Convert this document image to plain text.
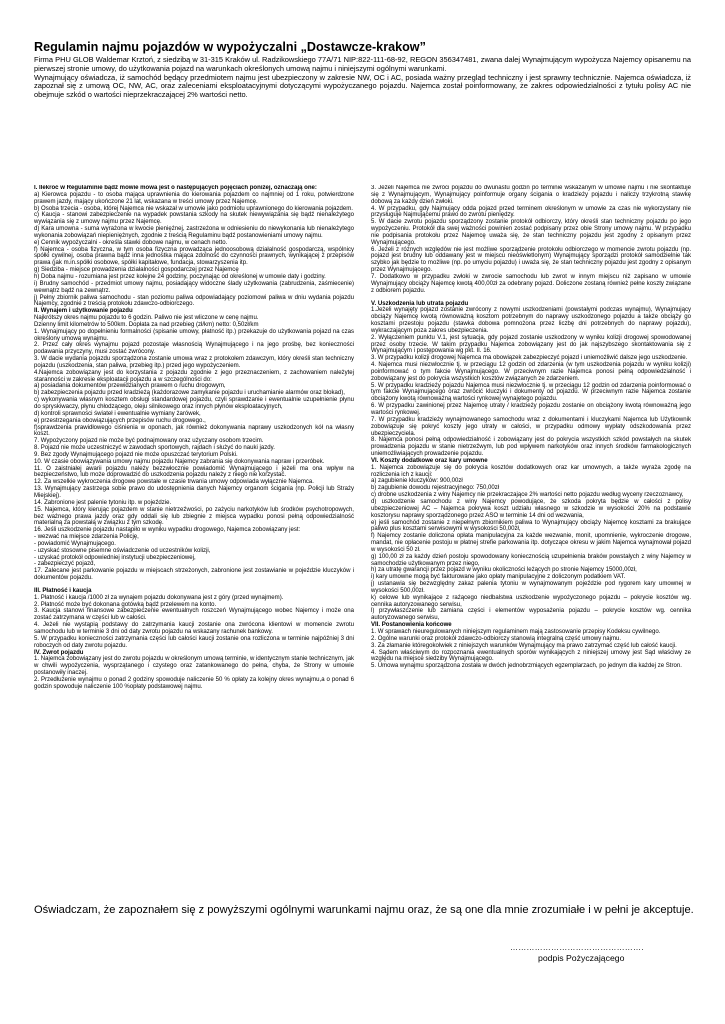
Regulamin najmu pojazdów w wypożyczalni „Dostawcze-krakow”

Firma PHU GLOB Waldemar Krztoń, z siedzibą w 31-315 Kraków ul. Radzikowskiego 77A/71 NIP:822-111-68-92, REGON 356347481, zwana dalej Wynajmującym wypożycza Najemcy opisanemu na pierwszej stronie umowy, do użytkowania pojazd na warunkach określonych umową najmu i niniejszymi ogólnymi warunkami.

Wynajmujący oświadcza, iż samochód będący przedmiotem najmu jest ubezpieczony w zakresie NW, OC i AC, posiada ważny przegląd techniczny i jest sprawny technicznie. Najemca oświadcza, iż zapoznał się z umową OC, NW, AC, oraz zaleceniami eksploatacyjnymi dotyczącymi wypożyczanego pojazdu. Najemca został poinformowany, że zakres odpowiedzialności z tytułu polisy AC nie obejmuje szkód o wartości nieprzekraczającej 2% wartości netto.

I. Ilekroć w Regulaminie bądź mowie mowa jest o następujących pojęciach poniżej, oznaczają one:

a) Kierowca pojazdu - to osoba mająca uprawnienia do kierowania pojazdem co najmniej od 1 roku, potwierdzone prawem jazdy, mający ukończone 21 lat, wskazana w treści umowy przez Najemcę.

b) Osoba trzecia - osoba, której Najemca nie wskazał w umowie jako podmiotu uprawnionego do kierowania pojazdem.

c) Kaucja - stanowi zabezpieczenie na wypadek powstania szkody na skutek niewywiązania się bądź nienależytego wywiązania się z umowy najmu przez Najemcę.

d) Kara umowna - suma wyrażona w kwocie pieniężnej, zastrzeżona w odniesieniu do niewykonania lub nienależytego wykonania zobowiązań niepieniężnych, zgodnie z treścią Regulaminu bądź postanowieniami umowy najmu.

e) Cennik wypożyczalni - określa stawki dobowe najmu, w cenach netto.

f) Najemca - osoba fizyczna, w tym osoba fizyczna prowadząca jednoosobową działalność gospodarczą, wspólnicy spółki cywilnej, osoba prawna bądź inna jednostka mająca zdolność do czynności prawnych, wynikającej z przepisów prawa (jak m.in.spółki osobowe, spółki kapitałowe, fundacja, stowarzyszenia itp.

g) Siedziba - miejsce prowadzenia działalności gospodarczej przez Najemcę

h) Doba najmu - rozumiana jest przez kolejne 24 godziny, poczynając od określonej w umowie daty i godziny.

i) Brudny samochód - przedmiot umowy najmu, posiadający widoczne ślady użytkowania (zabrudzenia, zaśmiecenie) wewnątrz bądź na zewnątrz.

j) Pełny zbiornik paliwa samochodu - stan poziomu paliwa odpowiadający poziomowi paliwa w dniu wydania pojazdu Najemcy, zgodnie z treścią protokołu zdawczo-odbiorczego.

II. Wynajem i użytkowanie pojazdu

Najkrótszy okres najmu pojazdu to 6 godzin. Paliwo nie jest wliczone w cenę najmu.

Dzienny limit kilometrów to 500km. Dopłata za nad przebieg (zł/km) netto: 0,50zł/km

1. Wynajmujący po dopełnieniu formalności (spisanie umowy, płatność itp.) przekazuje do użytkowania pojazd na czas określony umową wynajmu.

2. Przez cały okres wynajmu pojazd pozostaje własnością Wynajmującego i na jego prośbę, bez konieczności podawania przyczyny, musi zostać zwrócony.

3. W dacie wydania pojazdu sporządzona zostanie umowa wraz z protokołem zdawczym, który określi stan techniczny pojazdu (uszkodzenia, stan paliwa, przebieg itp.) przed jego wypożyczeniem.

4.Najemca zobowiązany jest do korzystania z pojazdu zgodnie z jego przeznaczeniem, z zachowaniem należytej staranności w zakresie eksploatacji pojazdu a w szczególności do:

a) posiadania dokumentów przewidzianych prawem o ruchu drogowym,

b) zabezpieczenia pojazdu przed kradzieżą (każdorazowe zamykanie pojazdu i uruchamianie alarmów oraz blokad),

c) wykonywania własnym kosztem obsługi standardowej pojazdu, czyli sprawdzanie i ewentualnie uzupełnienie płynu do spryskiwaczy, płynu chłodzącego, oleju silnikowego oraz innych płynów eksploatacyjnych,

d) kontroli sprawności świateł i ewentualnie wymiany żarówek,

e) przestrzegania obowiązujących przepisów ruchu drogowego.,

f)sprawdzenia prawidłowego ciśnienia w oponach, jak również dokonywania naprawy uszkodzonych kół na własny koszt.

7. Wypożyczony pojazd nie może być podnajmowany oraz użyczany osobom trzecim.

8. Pojazd nie może uczestniczyć w zawodach sportowych, rajdach i służyć do nauki jazdy.

9. Bez zgody Wynajmującego pojazd nie może opuszczać terytorium Polski.

10. W czasie obowiązywania umowy najmu pojazdu Najemcy zabrania się dokonywania napraw i przeróbek.

11. O zaistniałej awarii pojazdu należy bezzwłocznie powiadomić Wynajmującego i jeżeli ma ona wpływ na bezpieczeństwo, lub może doprowadzić do uszkodzenia pojazdu należy z niego nie korzystać.

12. Za wszelkie wykroczenia drogowe powstałe w czasie trwania umowy odpowiada wyłącznie Najemca.

13. Wynajmujący zastrzega sobie prawo do udostępnienia danych Najemcy organom ścigania (np. Policji lub Straży Miejskiej).

14. Zabronione jest palenie tytoniu itp. w pojeździe.

15. Najemca, który kierując pojazdem w stanie nietrzeźwości, po zażyciu narkotyków lub środków psychotropowych, bez ważnego prawa jazdy oraz gdy oddali się lub zbiegnie z miejsca wypadku ponosi pełną odpowiedzialność materialną za powstałą w związku z tym szkodę.

16. Jeśli uszkodzenie pojazdu nastąpiło w wyniku wypadku drogowego, Najemca zobowiązany jest:

- wezwać na miejsce zdarzenia Policję,

- powiadomić Wynajmującego.

- uzyskać stosowne pisemne oświadczenie od uczestników kolizji,

- uzyskać protokół odpowiedniej instytucji ubezpieczeniowej,

- zabezpieczyć pojazd,

17. Zalecane jest parkowanie pojazdu w miejscach strzeżonych, zabronione jest zostawianie w pojeździe kluczyków i dokumentów pojazdu.

III. Płatność i kaucja

1. Płatność i kaucja /1000 zł za wynajem pojazdu dokonywana jest z góry (przed wynajmem).

2. Płatność może być dokonana gotówką bądź przelewem na konto.

3. Kaucja stanowi finansowe zabezpieczenie ewentualnych roszczeń Wynajmującego wobec Najemcy i może ona zostać zatrzymana w części lub w całości.

4. Jeżeli nie wystąpią podstawy do zatrzymania kaucji zostanie ona zwrócona klientowi w momencie zwrotu samochodu lub w terminie 3 dni od daty zwrotu pojazdu na wskazany rachunek bankowy.

5. W przypadku konieczności zatrzymania części lub całości kaucji zostanie ona rozliczona w terminie najpóźniej 3 dni roboczych od daty zwrotu pojazdu.

IV. Zwrot pojazdu

1. Najemca zobowiązany jest do zwrotu pojazdu w określonym umową terminie, w identycznym stanie technicznym, jak w chwili wypożyczenia, wysprzątanego i czystego oraz zatankowanego do pełna, chyba, że Strony w umowie postanowiły inaczej.

2. Przedłużenie wynajmu o ponad 2 godziny spowoduje naliczenie 50 % opłaty za kolejny okres wynajmu,a o ponad 6 godzin spowoduje naliczenie 100 %opłaty podstawowej najmu.

3. Jeżeli Najemca nie zwróci pojazdu do dwunastu godzin po terminie wskazanym w umowie najmu i nie skontaktuje się z Wynajmującym, Wynajmujący poinformuje organy ścigania o kradzieży pojazdu i naliczy trzykrotną stawkę dobową za każdy dzień zwłoki.

4. W przypadku, gdy Najmujący odda pojazd przed terminem określonym w umowie za czas nie wykorzystany nie przysługuje Najmującemu prawo do zwrotu pieniędzy.

5. W dacie zwrotu pojazdu sporządzony zostanie protokół odbiorczy, który określi stan techniczny pojazdu po jego wypożyczeniu. Protokół dla swej ważności powinien zostać podpisany przez obie Strony umowy najmu. W przypadku nie podpisania protokołu przez Najemcę uważa się, że stan techniczny pojazdu jest zgodny z opisanym przez Wynajmującego.

6. Jeżeli z różnych względów nie jest możliwe sporządzenie protokołu odbiorczego w momencie zwrotu pojazdu (np. pojazd jest brudny lub oddawany jest w miejscu nieoświetlonym) Wynajmujący sporządzi protokół samodzielnie tak szybko jak będzie to możliwe (np. po umyciu pojazdu) i uważa się, że stan techniczny pojazdu jest zgodny z opisanym przez Wynajmującego.

7. Dodatkowo w przypadku zwłoki w zwrocie samochodu lub zwrot w innym miejscu niż zapisano w umowie Wynajmujący obciąży Najemcę kwotą 400,00zł za odebrany pojazd. Doliczone zostaną również pełne koszty związane z odbiorem pojazdu.

V. Uszkodzenia lub utrata pojazdu

1.Jeżeli wynajęty pojazd zostanie zwrócony z nowymi uszkodzeniami (powstałymi podczas wynajmu), Wynajmujący obciąży Najemcę kwotą równoważną kosztom potrzebnym do naprawy uszkodzonego pojazdu a także obciąży go kosztami przestoju pojazdu (stawka dobowa pomnożona przez liczbę dni potrzebnych do naprawy pojazdu), wykraczającym poza zakres ubezpieczenia.

2. Wyłączeniem punktu V.1, jest sytuacja, gdy pojazd zostanie uszkodzony w wyniku kolizji drogowej spowodowanej przez osoby trzecie. W takim przypadku Najemca zobowiązany jest do jak najszybszego skontaktowania się z Wynajmującym i postępowania wg pkt. II. 16.

3. W przypadku kolizji drogowej Najemca ma obowiązek zabezpieczyć pojazd i uniemożliwić dalsze jego uszkodzenie.

4. Najemca musi niezwłocznie tj. w przeciągu 12 godzin od zdarzenia (w tym uszkodzenia pojazdu w wyniku kolizji) poinformować o tym fakcie Wynajmującego. W przeciwnym razie Najemca ponosi pełną odpowiedzialność i zobowiązany jest do pokrycia wszystkich kosztów związanych ze zdarzeniem.

5. W przypadku kradzieży pojazdu Najemca musi niezwłocznie tj. w przeciągu 12 godzin od zdarzenia poinformować o tym fakcie Wynajmującego oraz zwrócić kluczyki i dokumenty od pojazdu. W przeciwnym razie Najemca zostanie obciążony kwotą równoważną wartości rynkowej wynajętego pojazdu.

6. W przypadku zawinionej przez Najemcę utraty / kradzieży pojazdu zostanie on obciążony kwotą równoważną jego wartości rynkowej.

7. W przypadku kradzieży wynajmowanego samochodu wraz z dokumentami i kluczykami Najemca lub Użytkownik zobowiązuje się pokryć koszty jego utraty w całości, w przypadku odmowy wypłaty odszkodowania przez ubezpieczyciela.

8. Najemca ponosi pełną odpowiedzialność i zobowiązany jest do pokrycia wszystkich szkód powstałych na skutek prowadzenia pojazdu w stanie nietrzeźwym, lub pod wpływem narkotyków oraz innych środków farmakologicznych uniemożliwiających prowadzenie pojazdu.

VI. Koszty dodatkowe oraz kary umowne

1. Najemca zobowiązuje się do pokrycia kosztów dodatkowych oraz kar umownych, a także wyraża zgodę na rozliczenia ich z kaucji:

a) zagubienie kluczyków: 900,00zł

b) zagubienie dowodu rejestracyjnego: 750,00zł

c) drobne uszkodzenia z winy Najemcy nie przekraczające 2% wartości netto pojazdu według wyceny rzeczoznawcy,

d) uszkodzenie samochodu z winy Najemcy powodujące, że szkoda pokryta będzie w całości z polisy ubezpieczeniowej AC – Najemca pokrywa koszt udziału własnego w szkodzie w wysokości 20% na podstawie kosztorysu naprawy sporządzonego przez ASO w terminie 14 dni od wezwania,

e) jeśli samochód zostanie z niepełnym zbiornikiem paliwa to Wynajmujący obciąży Najemcę kosztami za brakujące paliwo plus kosztami serwisowymi w wysokości 50,00zł,

f) Najemcy zostanie doliczona opłata manipulacyjna za każde wezwanie, monit, upomnienie, wykroczenie drogowe, mandat, nie opłacenie postoju w płatnej strefie parkowania itp. dotyczące okresu w jakim Najemca wynajmował pojazd w wysokości 50 zł.

g) 100,00 zł za każdy dzień postoju spowodowany koniecznością uzupełnienia braków powstałych z winy Najemcy w samochodzie użytkowanym przez niego,

h) za utratę gwarancji przez pojazd w wyniku okoliczności leżących po stronie Najemcy 15000,00zł,

i) kary umowne mogą być fakturowane jako opłaty manipulacyjne z doliczonym podatkiem VAT.

j) ustanawia się bezwzględny zakaz palenia tytoniu w wynajmowanym pojeździe pod rygorem kary umownej w wysokości 500,00zł.

k) celowe lub wynikające z rażącego niedbalstwa uszkodzenie wypożyczonego pojazdu – pokrycie kosztów wg. cennika autoryzowanego serwisu,

l) przywłaszczenie lub zamiana części i elementów wyposażenia pojazdu – pokrycie kosztów wg. cennika autoryzowanego serwisu,

VII. Postanowienia końcowe

1. W sprawach nieuregulowanych niniejszym regulaminem mają zastosowanie przepisy Kodeksu cywilnego.

2. Ogólne warunki oraz protokół zdawczo-odbiorczy stanowią integralną część umowy najmu.

3. Za złamanie któregokolwiek z niniejszych warunków Wynajmujący ma prawo zatrzymać część lub całość kaucji.

4. Sądem właściwym do rozpoznania ewentualnych sporów wynikających z niniejszej umowy jest Sąd właściwy ze względu na miejsce siedziby Wynajmującego.

5. Umowa wynajmu sporządzona została w dwóch jednobrzmiących egzemplarzach, po jednym dla każdej ze Stron.

Oświadczam, że zapoznałem się z powyższymi ogólnymi warunkami najmu oraz, że są one dla mnie zrozumiałe i w pełni je akceptuje.

………………………………………….
podpis Pożyczającego
